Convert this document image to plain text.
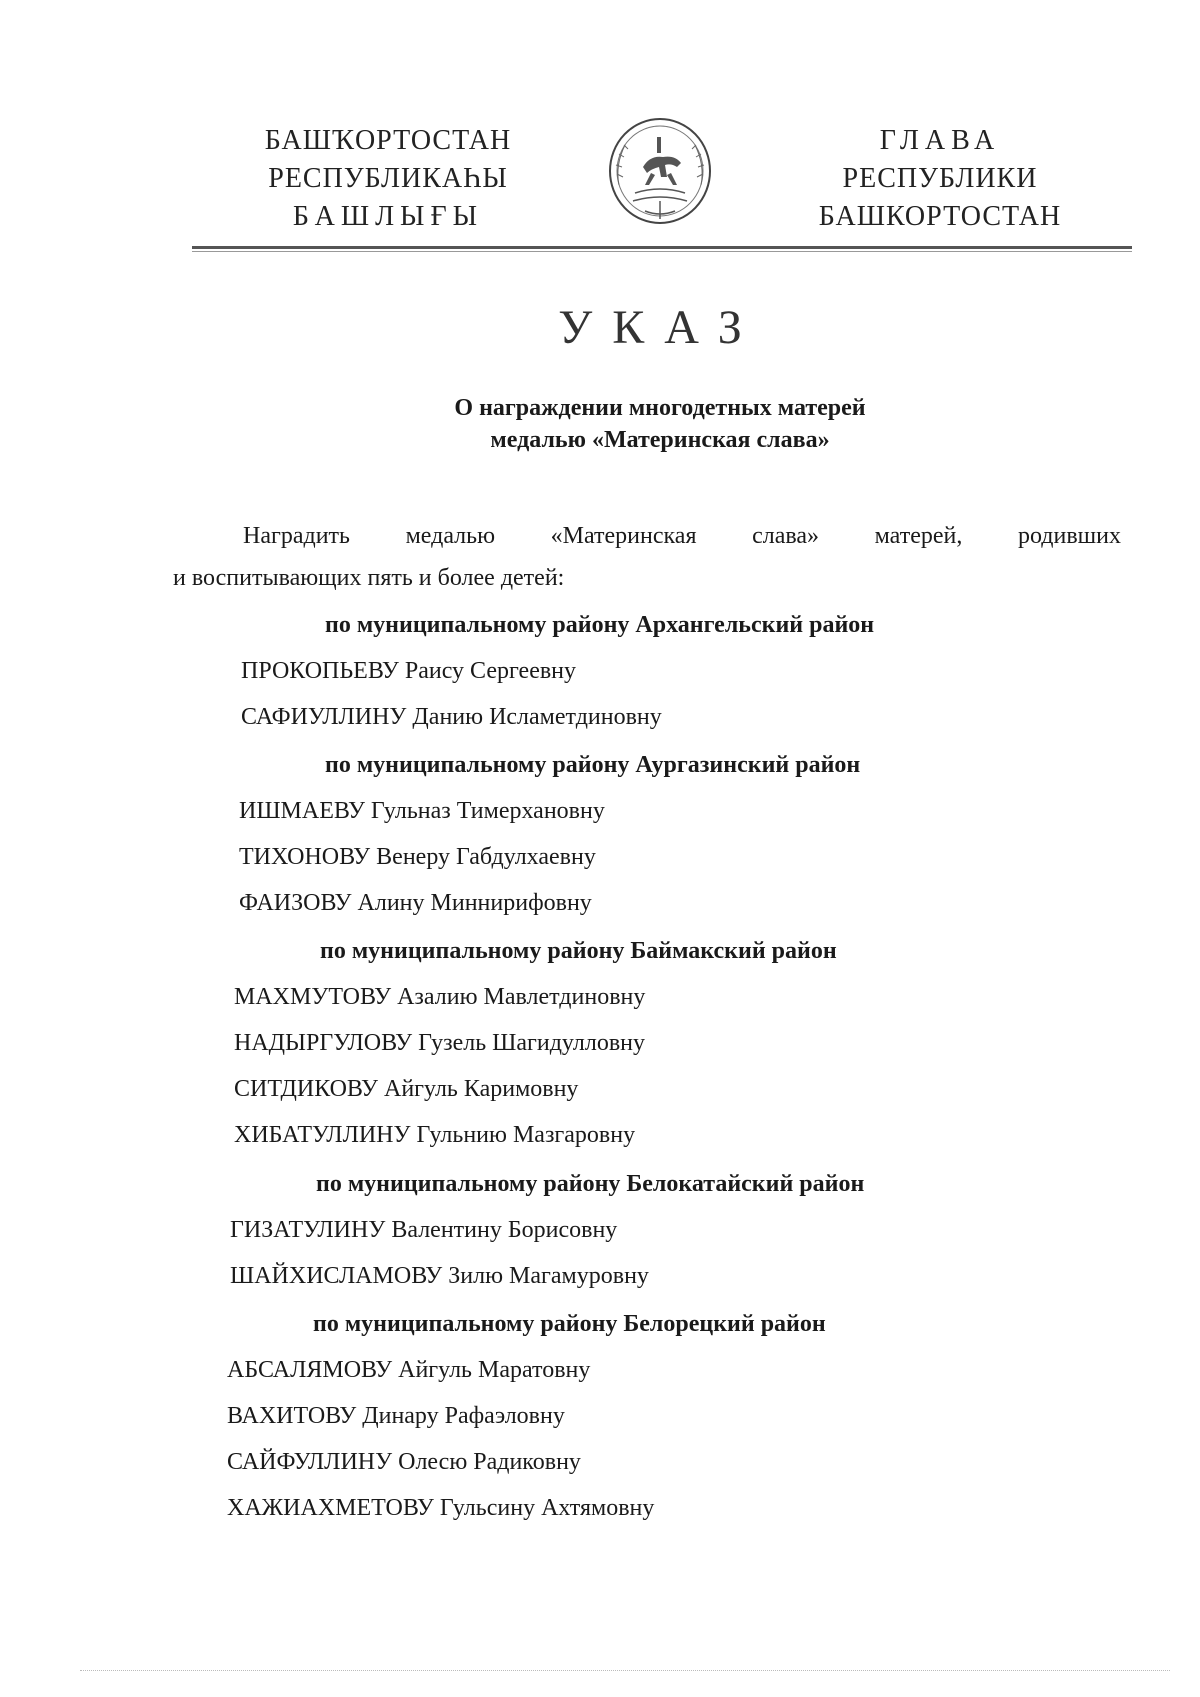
БАШҠОРТОСТАН
РЕСПУБЛИКАҺЫ
БАШЛЫҒЫ
ГЛАВА
РЕСПУБЛИКИ
БАШКОРТОСТАН
УКАЗ
О награждении многодетных матерей
медалью «Материнская слава»
Наградить медалью «Материнская слава» матерей, родивших
и воспитывающих пять и более детей:
по муниципальному району Архангельский район
ПРОКОПЬЕВУ Раису Сергеевну
САФИУЛЛИНУ Данию Исламетдиновну
по муниципальному району Аургазинский район
ИШМАЕВУ Гульназ Тимерхановну
ТИХОНОВУ Венеру Габдулхаевну
ФАИЗОВУ Алину Миннирифовну
по муниципальному району Баймакский район
МАХМУТОВУ Азалию Мавлетдиновну
НАДЫРГУЛОВУ Гузель Шагидулловну
СИТДИКОВУ Айгуль Каримовну
ХИБАТУЛЛИНУ Гульнию Мазгаровну
по муниципальному району Белокатайский район
ГИЗАТУЛИНУ Валентину Борисовну
ШАЙХИСЛАМОВУ Зилю Магамуровну
по муниципальному району Белорецкий район
АБСАЛЯМОВУ Айгуль Маратовну
ВАХИТОВУ Динару Рафаэловну
САЙФУЛЛИНУ Олесю Радиковну
ХАЖИАХМЕТОВУ Гульсину Ахтямовну
